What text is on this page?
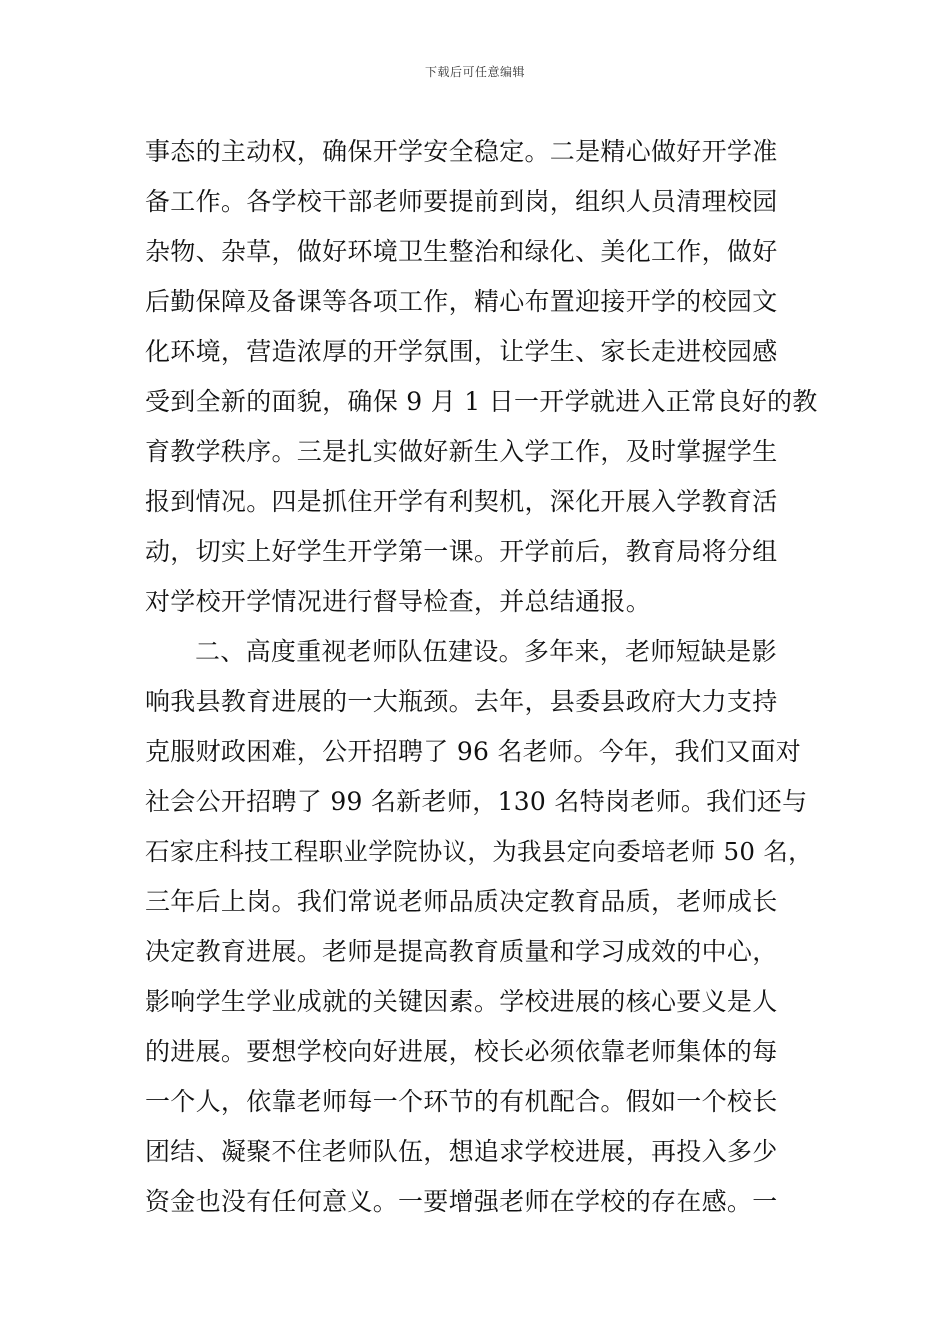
下载后可任意编辑
事态的主动权，确保开学安全稳定。二是精心做好开学准
备工作。各学校干部老师要提前到岗，组织人员清理校园
杂物、杂草，做好环境卫生整治和绿化、美化工作，做好
后勤保障及备课等各项工作，精心布置迎接开学的校园文
化环境，营造浓厚的开学氛围，让学生、家长走进校园感
受到全新的面貌，确保 9 月 1 日一开学就进入正常良好的教
育教学秩序。三是扎实做好新生入学工作，及时掌握学生
报到情况。四是抓住开学有利契机，深化开展入学教育活
动，切实上好学生开学第一课。开学前后，教育局将分组
对学校开学情况进行督导检查，并总结通报。
二、高度重视老师队伍建设。多年来，老师短缺是影
响我县教育进展的一大瓶颈。去年，县委县政府大力支持
克服财政困难，公开招聘了 96 名老师。今年，我们又面对
社会公开招聘了 99 名新老师，130 名特岗老师。我们还与
石家庄科技工程职业学院协议，为我县定向委培老师 50 名，
三年后上岗。我们常说老师品质决定教育品质，老师成长
决定教育进展。老师是提高教育质量和学习成效的中心，
影响学生学业成就的关键因素。学校进展的核心要义是人
的进展。要想学校向好进展，校长必须依靠老师集体的每
一个人，依靠老师每一个环节的有机配合。假如一个校长
团结、凝聚不住老师队伍，想追求学校进展，再投入多少
资金也没有任何意义。一要增强老师在学校的存在感。一
